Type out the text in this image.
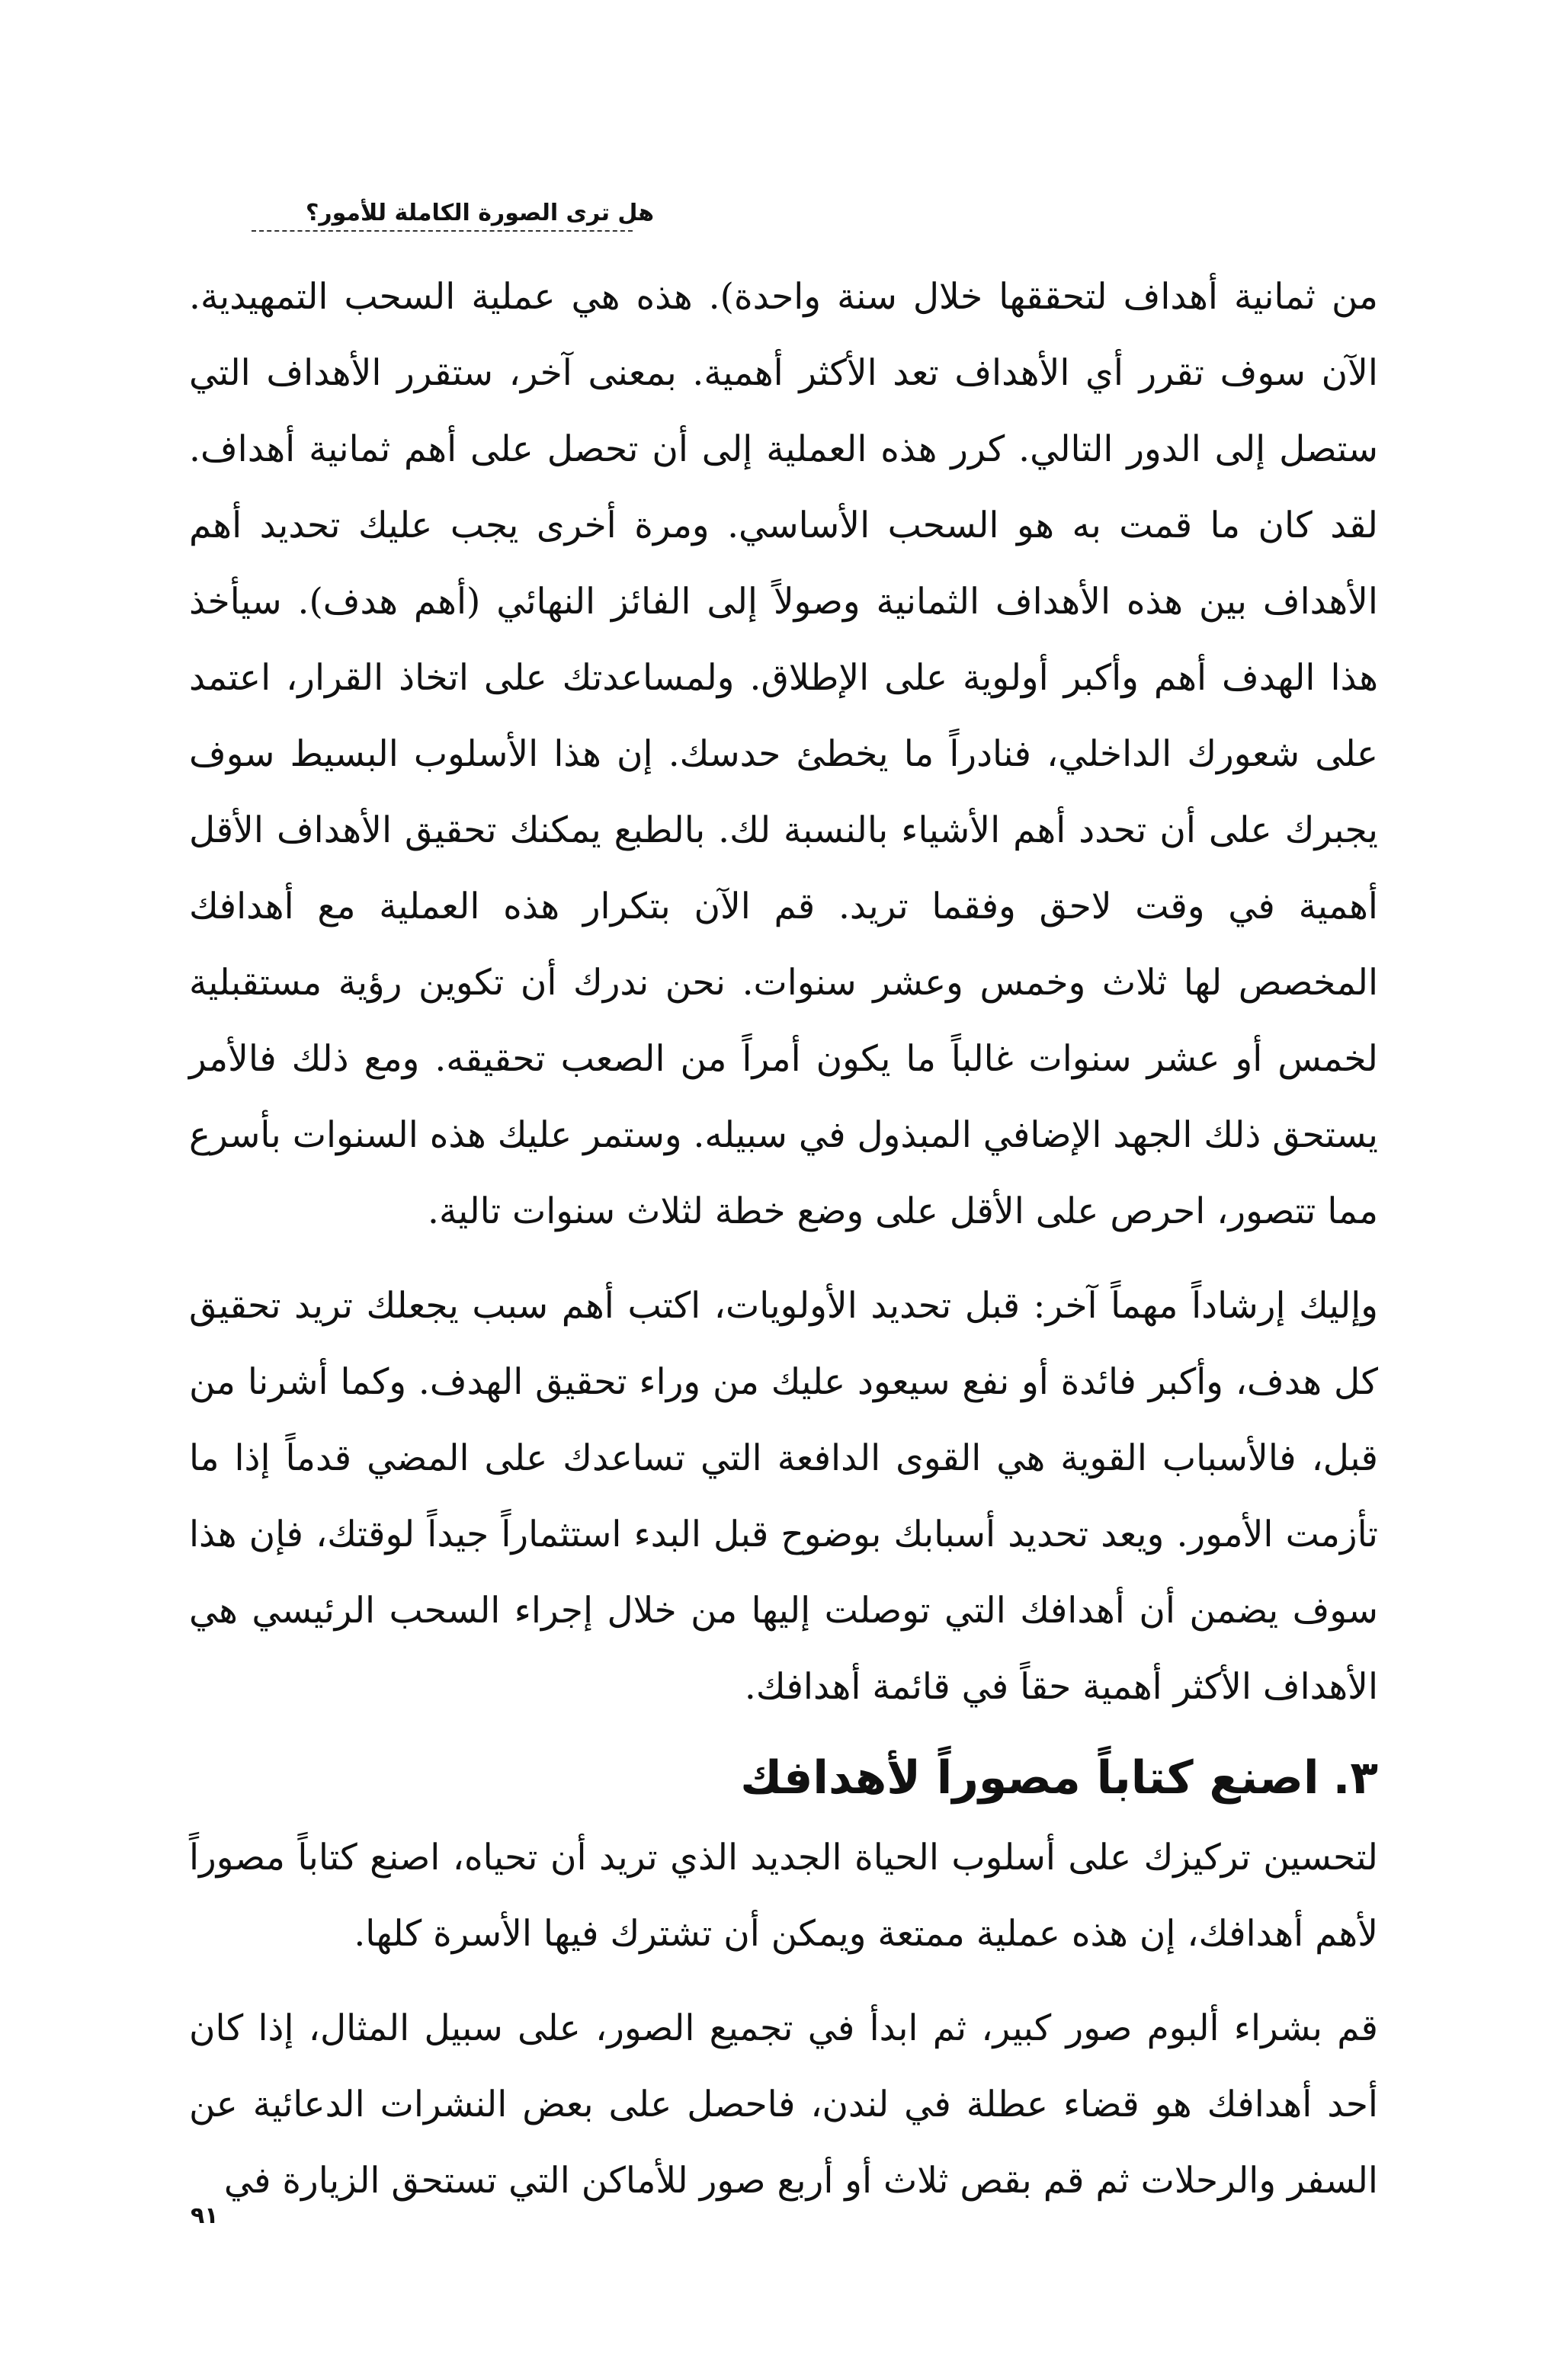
هل ترى الصورة الكاملة للأمور؟

من ثمانية أهداف لتحققها خلال سنة واحدة). هذه هي عملية السحب التمهيدية. الآن سوف تقرر أي الأهداف تعد الأكثر أهمية. بمعنى آخر، ستقرر الأهداف التي ستصل إلى الدور التالي. كرر هذه العملية إلى أن تحصل على أهم ثمانية أهداف. لقد كان ما قمت به هو السحب الأساسي. ومرة أخرى يجب عليك تحديد أهم الأهداف بين هذه الأهداف الثمانية وصولاً إلى الفائز النهائي (أهم هدف). سيأخذ هذا الهدف أهم وأكبر أولوية على الإطلاق. ولمساعدتك على اتخاذ القرار، اعتمد على شعورك الداخلي، فنادراً ما يخطئ حدسك. إن هذا الأسلوب البسيط سوف يجبرك على أن تحدد أهم الأشياء بالنسبة لك. بالطبع يمكنك تحقيق الأهداف الأقل أهمية في وقت لاحق وفقما تريد. قم الآن بتكرار هذه العملية مع أهدافك المخصص لها ثلاث وخمس وعشر سنوات. نحن ندرك أن تكوين رؤية مستقبلية لخمس أو عشر سنوات غالباً ما يكون أمراً من الصعب تحقيقه. ومع ذلك فالأمر يستحق ذلك الجهد الإضافي المبذول في سبيله. وستمر عليك هذه السنوات بأسرع مما تتصور، احرص على الأقل على وضع خطة لثلاث سنوات تالية.

وإليك إرشاداً مهماً آخر: قبل تحديد الأولويات، اكتب أهم سبب يجعلك تريد تحقيق كل هدف، وأكبر فائدة أو نفع سيعود عليك من وراء تحقيق الهدف. وكما أشرنا من قبل، فالأسباب القوية هي القوى الدافعة التي تساعدك على المضي قدماً إذا ما تأزمت الأمور. ويعد تحديد أسبابك بوضوح قبل البدء استثماراً جيداً لوقتك، فإن هذا سوف يضمن أن أهدافك التي توصلت إليها من خلال إجراء السحب الرئيسي هي الأهداف الأكثر أهمية حقاً في قائمة أهدافك.

٣.
اصنع كتاباً مصوراً لأهدافك

لتحسين تركيزك على أسلوب الحياة الجديد الذي تريد أن تحياه، اصنع كتاباً مصوراً لأهم أهدافك، إن هذه عملية ممتعة ويمكن أن تشترك فيها الأسرة كلها.

قم بشراء ألبوم صور كبير، ثم ابدأ في تجميع الصور، على سبيل المثال، إذا كان أحد أهدافك هو قضاء عطلة في لندن، فاحصل على بعض النشرات الدعائية عن السفر والرحلات ثم قم بقص ثلاث أو أربع صور للأماكن التي تستحق الزيارة في

٩١
